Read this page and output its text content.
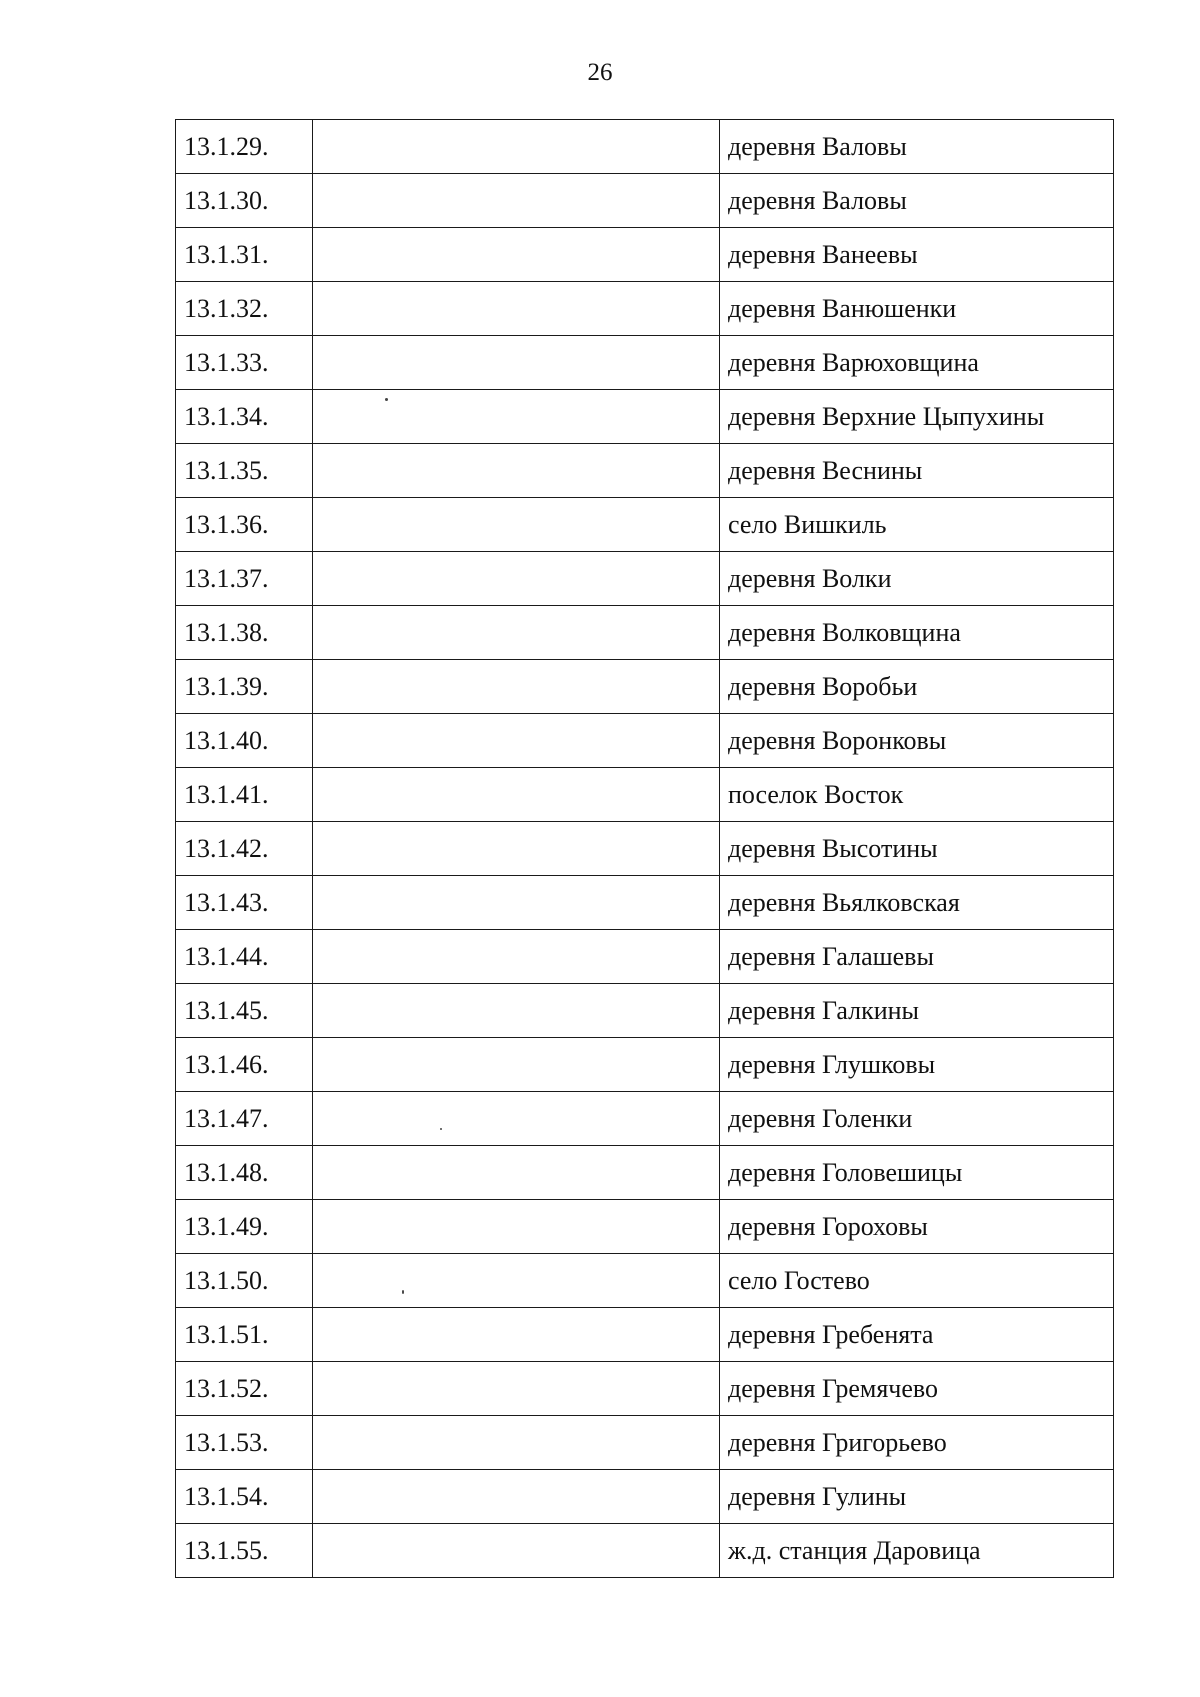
26
13.1.29.		деревня Валовы
13.1.30.		деревня Валовы
13.1.31.		деревня Ванеевы
13.1.32.		деревня Ванюшенки
13.1.33.		деревня Варюховщина
13.1.34.		деревня Верхние Цыпухины
13.1.35.		деревня Веснины
13.1.36.		село Вишкиль
13.1.37.		деревня Волки
13.1.38.		деревня Волковщина
13.1.39.		деревня Воробьи
13.1.40.		деревня Воронковы
13.1.41.		поселок Восток
13.1.42.		деревня Высотины
13.1.43.		деревня Вьялковская
13.1.44.		деревня Галашевы
13.1.45.		деревня Галкины
13.1.46.		деревня Глушковы
13.1.47.		деревня Голенки
13.1.48.		деревня Головешицы
13.1.49.		деревня Гороховы
13.1.50.		село Гостево
13.1.51.		деревня Гребенята
13.1.52.		деревня Гремячево
13.1.53.		деревня Григорьево
13.1.54.		деревня Гулины
13.1.55.		ж.д. станция Даровица
